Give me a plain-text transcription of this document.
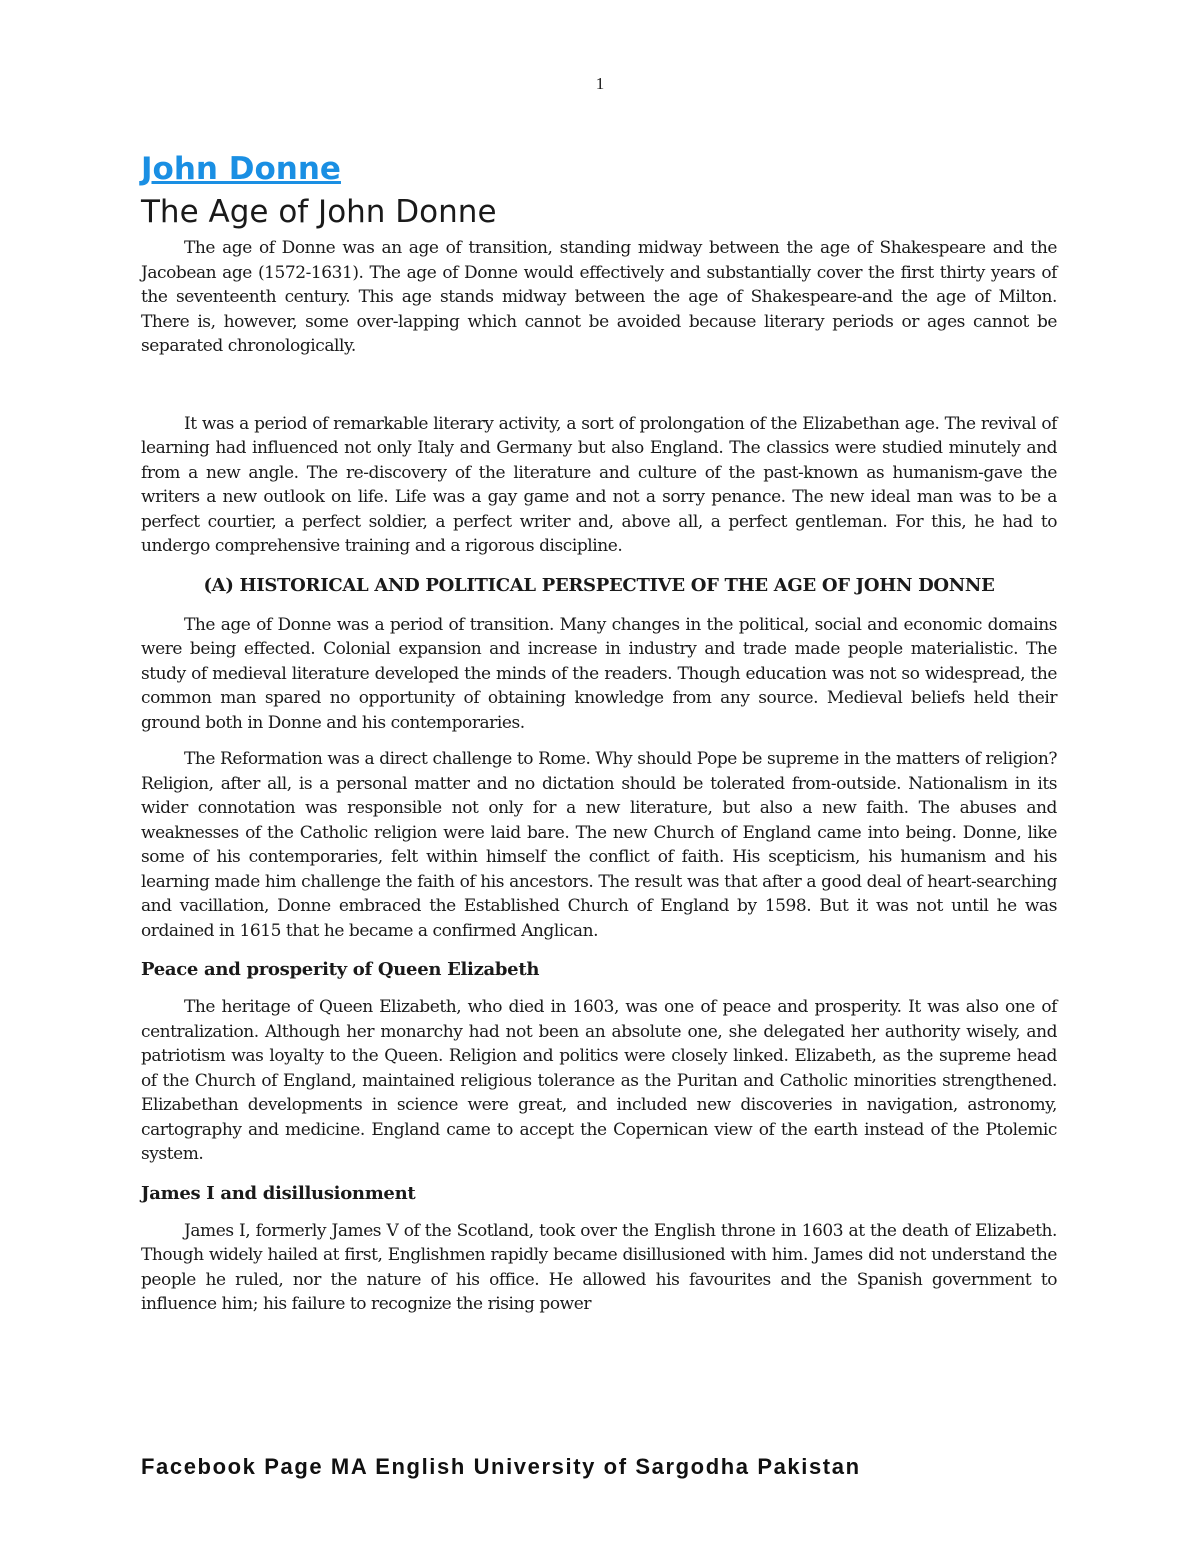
1
John Donne
The Age of John Donne

The age of Donne was an age of transition, standing midway between the age of Shakespeare and the Jacobean age (1572-1631). The age of Donne would effectively and substantially cover the first thirty years of the seventeenth century. This age stands midway between the age of Shakespeare-and the age of Milton. There is, however, some over-lapping which cannot be avoided because literary periods or ages cannot be separated chronologically.

It was a period of remarkable literary activity, a sort of prolongation of the Elizabethan age. The revival of learning had influenced not only Italy and Germany but also England. The classics were studied minutely and from a new angle. The re-discovery of the literature and culture of the past-known as humanism-gave the writers a new outlook on life. Life was a gay game and not a sorry penance. The new ideal man was to be a perfect courtier, a perfect soldier, a perfect writer and, above all, a perfect gentleman. For this, he had to undergo comprehensive training and a rigorous discipline.

(A) HISTORICAL AND POLITICAL PERSPECTIVE OF THE AGE OF JOHN DONNE

The age of Donne was a period of transition. Many changes in the political, social and economic domains were being effected. Colonial expansion and increase in industry and trade made people materialistic. The study of medieval literature developed the minds of the readers. Though education was not so widespread, the common man spared no opportunity of obtaining knowledge from any source. Medieval beliefs held their ground both in Donne and his contemporaries.

The Reformation was a direct challenge to Rome. Why should Pope be supreme in the matters of religion? Religion, after all, is a personal matter and no dictation should be tolerated from-outside. Nationalism in its wider connotation was responsible not only for a new literature, but also a new faith. The abuses and weaknesses of the Catholic religion were laid bare. The new Church of England came into being. Donne, like some of his contemporaries, felt within himself the conflict of faith. His scepticism, his humanism and his learning made him challenge the faith of his ancestors. The result was that after a good deal of heart-searching and vacillation, Donne embraced the Established Church of England by 1598. But it was not until he was ordained in 1615 that he became a confirmed Anglican.

Peace and prosperity of Queen Elizabeth

The heritage of Queen Elizabeth, who died in 1603, was one of peace and prosperity. It was also one of centralization. Although her monarchy had not been an absolute one, she delegated her authority wisely, and patriotism was loyalty to the Queen. Religion and politics were closely linked. Elizabeth, as the supreme head of the Church of England, maintained religious tolerance as the Puritan and Catholic minorities strengthened. Elizabethan developments in science were great, and included new discoveries in navigation, astronomy, cartography and medicine. England came to accept the Copernican view of the earth instead of the Ptolemic system.

James I and disillusionment

James I, formerly James V of the Scotland, took over the English throne in 1603 at the death of Elizabeth. Though widely hailed at first, Englishmen rapidly became disillusioned with him. James did not understand the people he ruled, nor the nature of his office. He allowed his favourites and the Spanish government to influence him; his failure to recognize the rising power

Facebook Page MA English University of Sargodha Pakistan
